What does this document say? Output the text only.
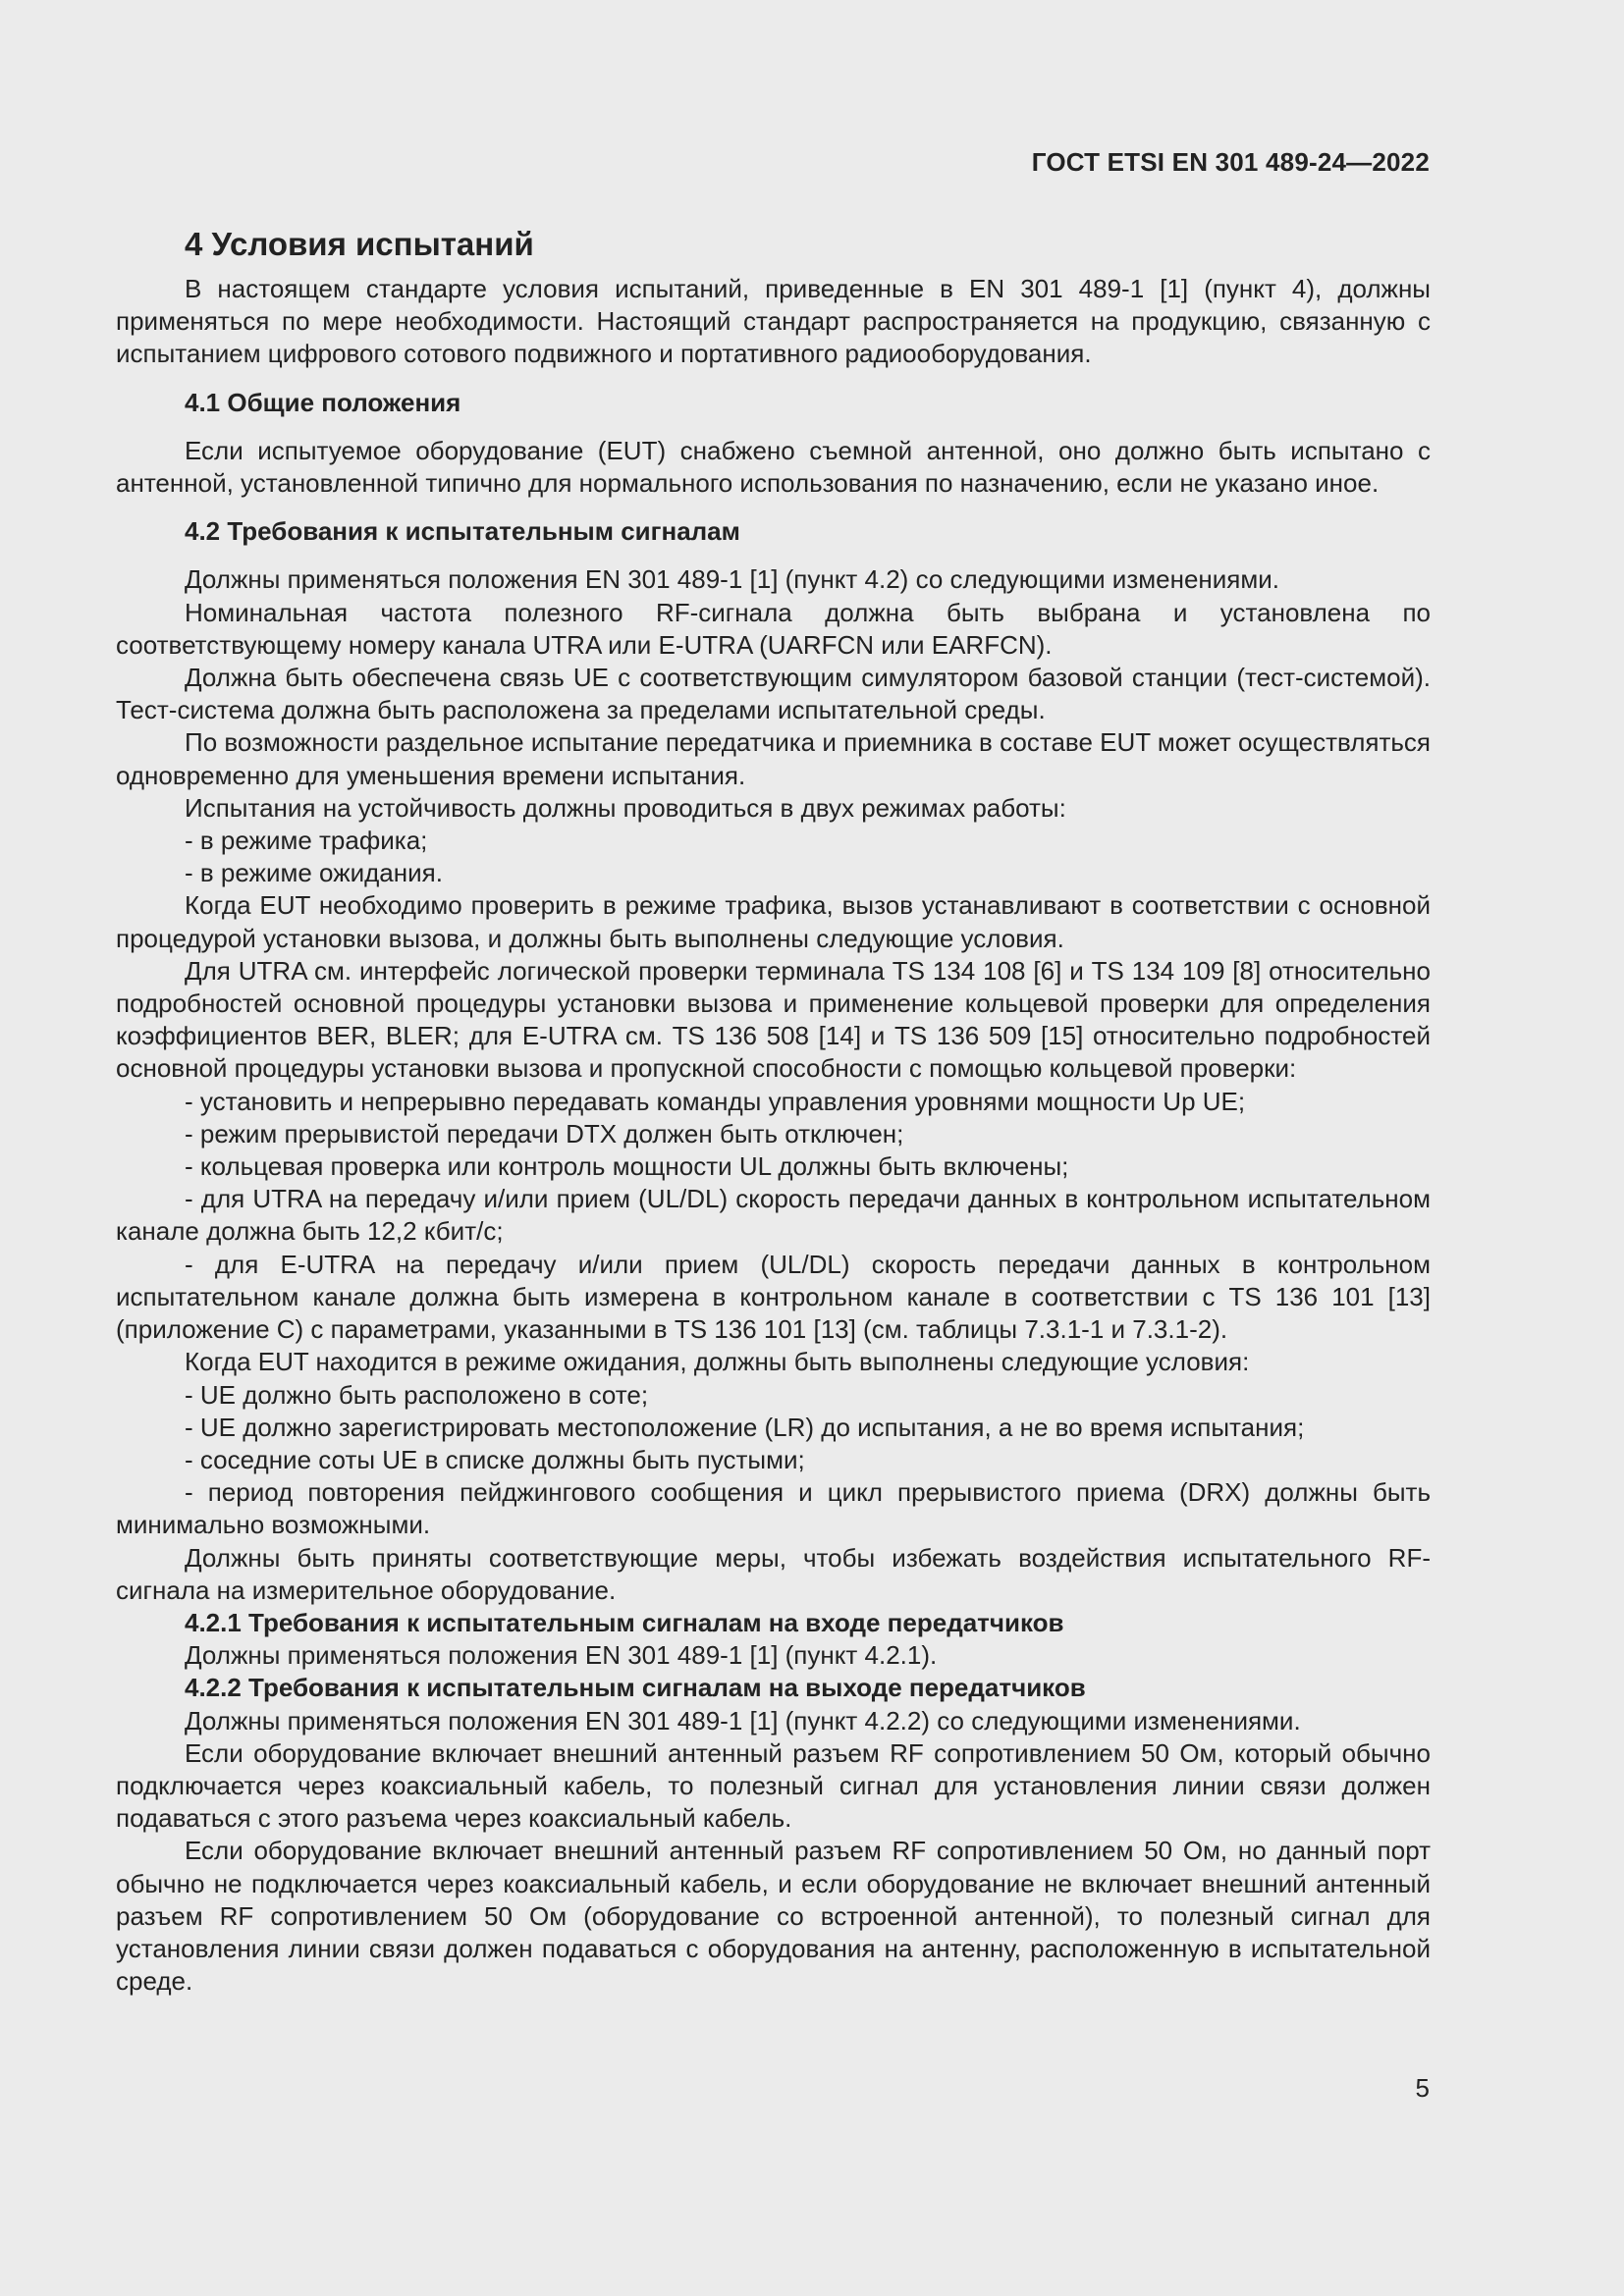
ГОСТ ETSI EN 301 489-24—2022
4 Условия испытаний

В настоящем стандарте условия испытаний, приведенные в EN 301 489-1 [1] (пункт 4), должны применяться по мере необходимости. Настоящий стандарт распространяется на продукцию, связанную с испытанием цифрового сотового подвижного и портативного радиооборудования.

4.1 Общие положения

Если испытуемое оборудование (EUT) снабжено съемной антенной, оно должно быть испытано с антенной, установленной типично для нормального использования по назначению, если не указано иное.

4.2 Требования к испытательным сигналам

Должны применяться положения EN 301 489-1 [1] (пункт 4.2) со следующими изменениями.

Номинальная частота полезного RF-сигнала должна быть выбрана и установлена по соответствующему номеру канала UTRA или E-UTRA (UARFCN или EARFCN).

Должна быть обеспечена связь UE с соответствующим симулятором базовой станции (тест-системой). Тест-система должна быть расположена за пределами испытательной среды.

По возможности раздельное испытание передатчика и приемника в составе EUT может осуществляться одновременно для уменьшения времени испытания.

Испытания на устойчивость должны проводиться в двух режимах работы:

- в режиме трафика;
- в режиме ожидания.

Когда EUT необходимо проверить в режиме трафика, вызов устанавливают в соответствии с основной процедурой установки вызова, и должны быть выполнены следующие условия.

Для UTRA см. интерфейс логической проверки терминала TS 134 108 [6] и TS 134 109 [8] относительно подробностей основной процедуры установки вызова и применение кольцевой проверки для определения коэффициентов BER, BLER; для E-UTRA см. TS 136 508 [14] и TS 136 509 [15] относительно подробностей основной процедуры установки вызова и пропускной способности с помощью кольцевой проверки:

- установить и непрерывно передавать команды управления уровнями мощности Up UE;

- режим прерывистой передачи DTX должен быть отключен;

- кольцевая проверка или контроль мощности UL должны быть включены;

- для UTRA на передачу и/или прием (UL/DL) скорость передачи данных в контрольном испытательном канале должна быть 12,2 кбит/с;

- для E-UTRA на передачу и/или прием (UL/DL) скорость передачи данных в контрольном испытательном канале должна быть измерена в контрольном канале в соответствии с TS 136 101 [13] (приложение С) с параметрами, указанными в TS 136 101 [13] (см. таблицы 7.3.1-1 и 7.3.1-2).

Когда EUT находится в режиме ожидания, должны быть выполнены следующие условия:

- UE должно быть расположено в соте;

- UE должно зарегистрировать местоположение (LR) до испытания, а не во время испытания;

- соседние соты UE в списке должны быть пустыми;

- период повторения пейджингового сообщения и цикл прерывистого приема (DRX) должны быть минимально возможными.

Должны быть приняты соответствующие меры, чтобы избежать воздействия испытательного RF-сигнала на измерительное оборудование.

4.2.1 Требования к испытательным сигналам на входе передатчиков

Должны применяться положения EN 301 489-1 [1] (пункт 4.2.1).

4.2.2 Требования к испытательным сигналам на выходе передатчиков

Должны применяться положения EN 301 489-1 [1] (пункт 4.2.2) со следующими изменениями.

Если оборудование включает внешний антенный разъем RF сопротивлением 50 Ом, который обычно подключается через коаксиальный кабель, то полезный сигнал для установления линии связи должен подаваться с этого разъема через коаксиальный кабель.

Если оборудование включает внешний антенный разъем RF сопротивлением 50 Ом, но данный порт обычно не подключается через коаксиальный кабель, и если оборудование не включает внешний антенный разъем RF сопротивлением 50 Ом (оборудование со встроенной антенной), то полезный сигнал для установления линии связи должен подаваться с оборудования на антенну, расположенную в испытательной среде.

5
